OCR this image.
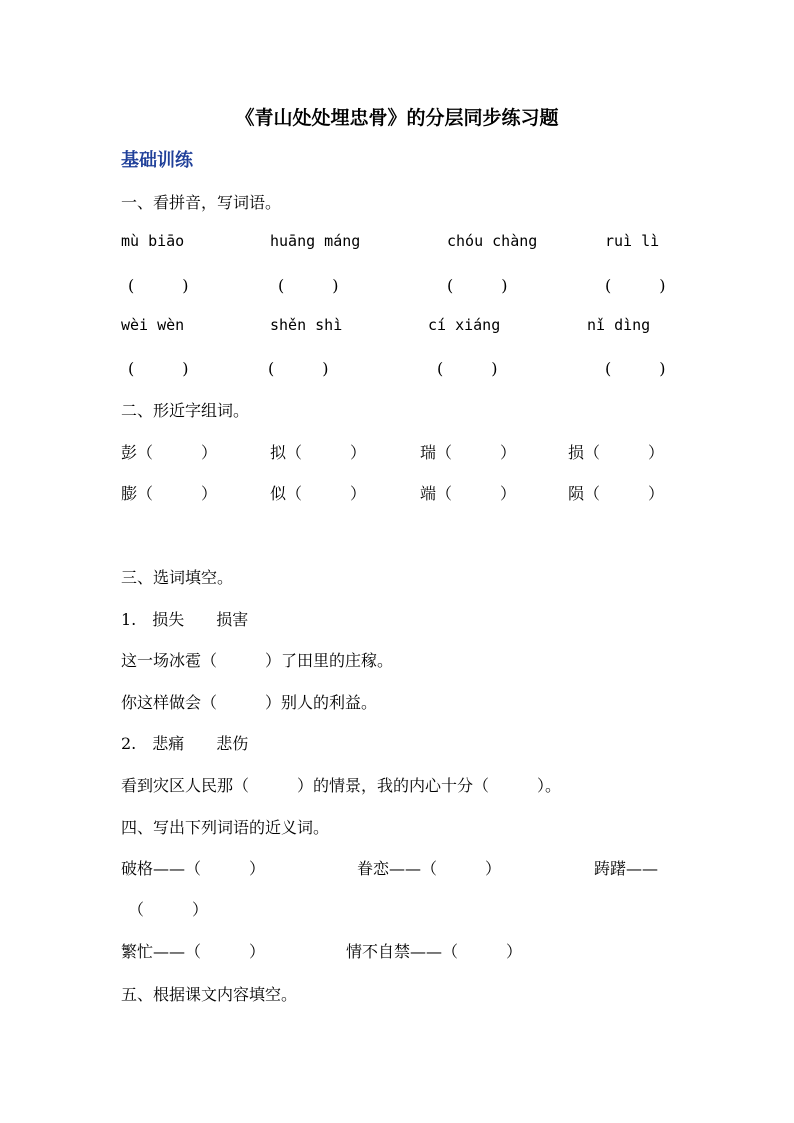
《青山处处埋忠骨》的分层同步练习题
基础训练
一、看拼音，写词语。
mù biāo	huāng máng	chóu chàng	ruì lì
(　　　)	(　　　)	(　　　)	(　　　)
wèi wèn	shěn shì	cí xiáng	nǐ dìng
(　　　)	(　　　)	(　　　)	(　　　)
二、形近字组词。
彭（　　　）	拟（　　　）	瑞（　　　）	损（　　　）
膨（　　　）	似（　　　）	端（　　　）	陨（　　　）
三、选词填空。
1.　损失　　损害
这一场冰雹（　　　）了田里的庄稼。
你这样做会（　　　）别人的利益。
2.　悲痛　　悲伤
看到灾区人民那（　　　）的情景，我的内心十分（　　　）。
四、写出下列词语的近义词。
破格——（　　　）	眷恋——（　　　）	踌躇——
（　　　）
繁忙——（　　　）	情不自禁——（　　　）
五、根据课文内容填空。
